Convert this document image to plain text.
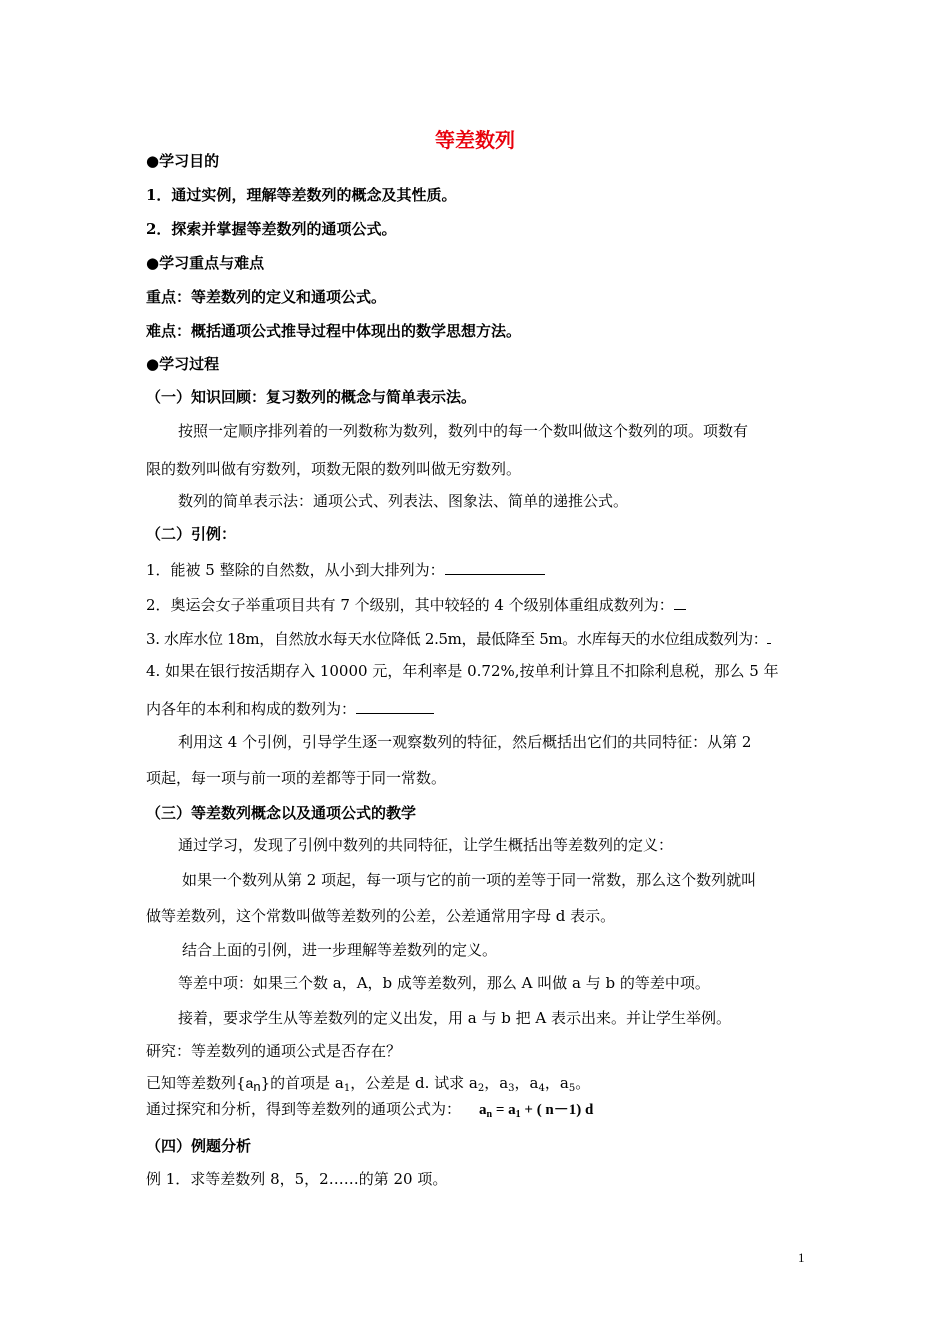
等差数列
●学习目的
1．通过实例，理解等差数列的概念及其性质。
2．探索并掌握等差数列的通项公式。
●学习重点与难点
重点：等差数列的定义和通项公式。
难点：概括通项公式推导过程中体现出的数学思想方法。
●学习过程
（一）知识回顾：复习数列的概念与简单表示法。
按照一定顺序排列着的一列数称为数列，数列中的每一个数叫做这个数列的项。项数有
限的数列叫做有穷数列，项数无限的数列叫做无穷数列。
数列的简单表示法：通项公式、列表法、图象法、简单的递推公式。
（二）引例：
1．能被 5 整除的自然数，从小到大排列为：
2．奥运会女子举重项目共有 7 个级别，其中较轻的 4 个级别体重组成数列为：
3. 水库水位 18m，自然放水每天水位降低 2.5m，最低降至 5m。水库每天的水位组成数列为：
4. 如果在银行按活期存入 10000 元，年利率是 0.72%,按单利计算且不扣除利息税，那么 5 年
内各年的本利和构成的数列为：
利用这 4 个引例，引导学生逐一观察数列的特征，然后概括出它们的共同特征：从第 2
项起，每一项与前一项的差都等于同一常数。
（三）等差数列概念以及通项公式的教学
通过学习，发现了引例中数列的共同特征，让学生概括出等差数列的定义：
如果一个数列从第 2 项起，每一项与它的前一项的差等于同一常数，那么这个数列就叫
做等差数列，这个常数叫做等差数列的公差，公差通常用字母 d 表示。
结合上面的引例，进一步理解等差数列的定义。
等差中项：如果三个数 a，A，b 成等差数列，那么 A 叫做 a 与 b 的等差中项。
接着，要求学生从等差数列的定义出发，用 a 与 b 把 A 表示出来。并让学生举例。
研究：等差数列的通项公式是否存在？
已知等差数列$\{a_n\}$的首项是 $a_1$，公差是 d. 试求 $a_2$，$a_3$，$a_4$，$a_5$。
通过探究和分析，得到等差数列的通项公式为： $a_n = a_1$ + ( n－1) d
（四）例题分析
例 1．求等差数列 8，5，2……的第 20 项。
1
